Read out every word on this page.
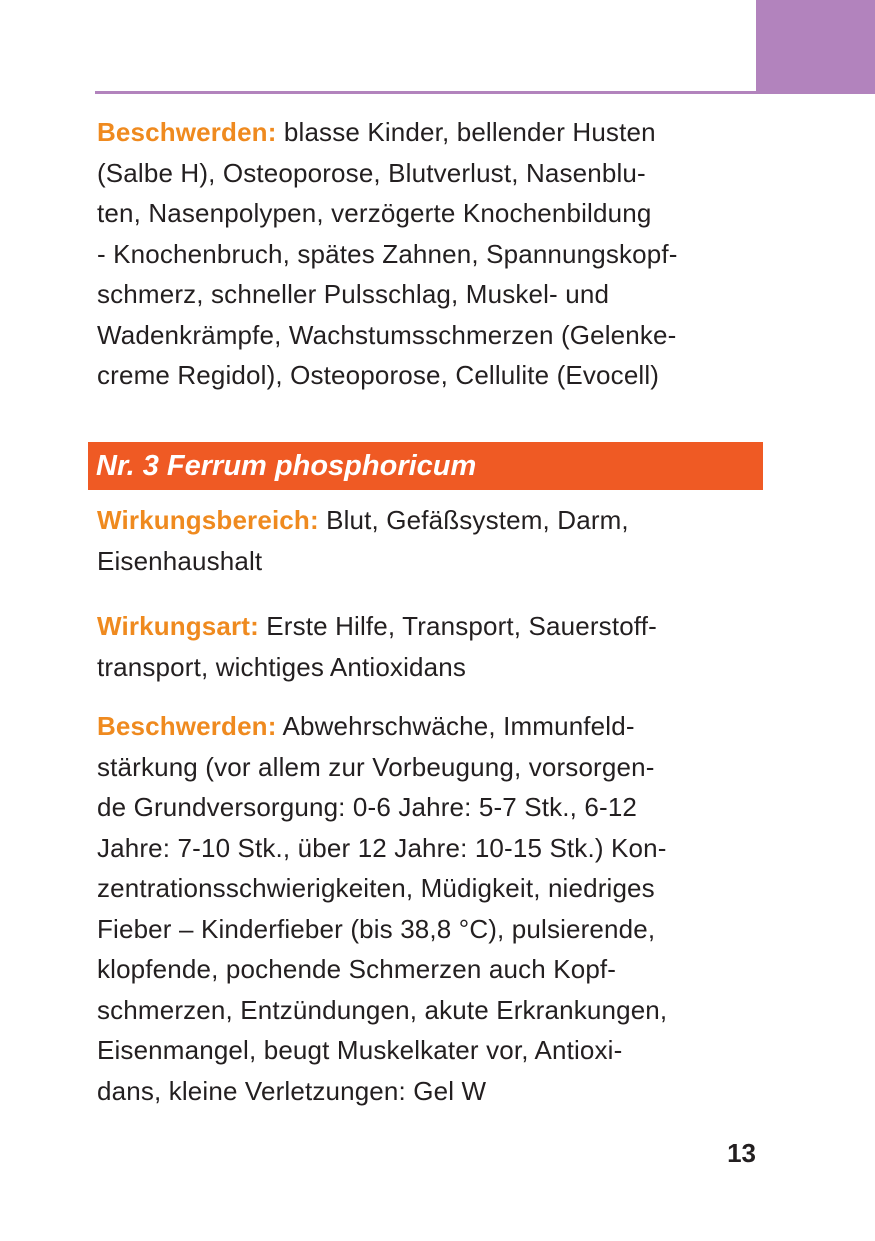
Beschwerden: blasse Kinder, bellender Husten
(Salbe H), Osteoporose, Blutverlust, Nasenblu-
ten, Nasenpolypen, verzögerte Knochenbildung
- Knochenbruch, spätes Zahnen, Spannungskopf-
schmerz, schneller Pulsschlag, Muskel- und
Wadenkrämpfe, Wachstumsschmerzen (Gelenke-
creme Regidol), Osteoporose, Cellulite (Evocell)
Nr. 3 Ferrum phosphoricum
Wirkungsbereich: Blut, Gefäßsystem, Darm,
Eisenhaushalt
Wirkungsart: Erste Hilfe, Transport, Sauerstoff-
transport, wichtiges Antioxidans
Beschwerden: Abwehrschwäche, Immunfeld-
stärkung (vor allem zur Vorbeugung, vorsorgen-
de Grundversorgung: 0-6 Jahre: 5-7 Stk., 6-12
Jahre: 7-10 Stk., über 12 Jahre: 10-15 Stk.) Kon-
zentrationsschwierigkeiten, Müdigkeit, niedriges
Fieber – Kinderfieber (bis 38,8 °C), pulsierende,
klopfende, pochende Schmerzen auch Kopf-
schmerzen, Entzündungen, akute Erkrankungen,
Eisenmangel, beugt Muskelkater vor, Antioxi-
dans, kleine Verletzungen: Gel W
13
